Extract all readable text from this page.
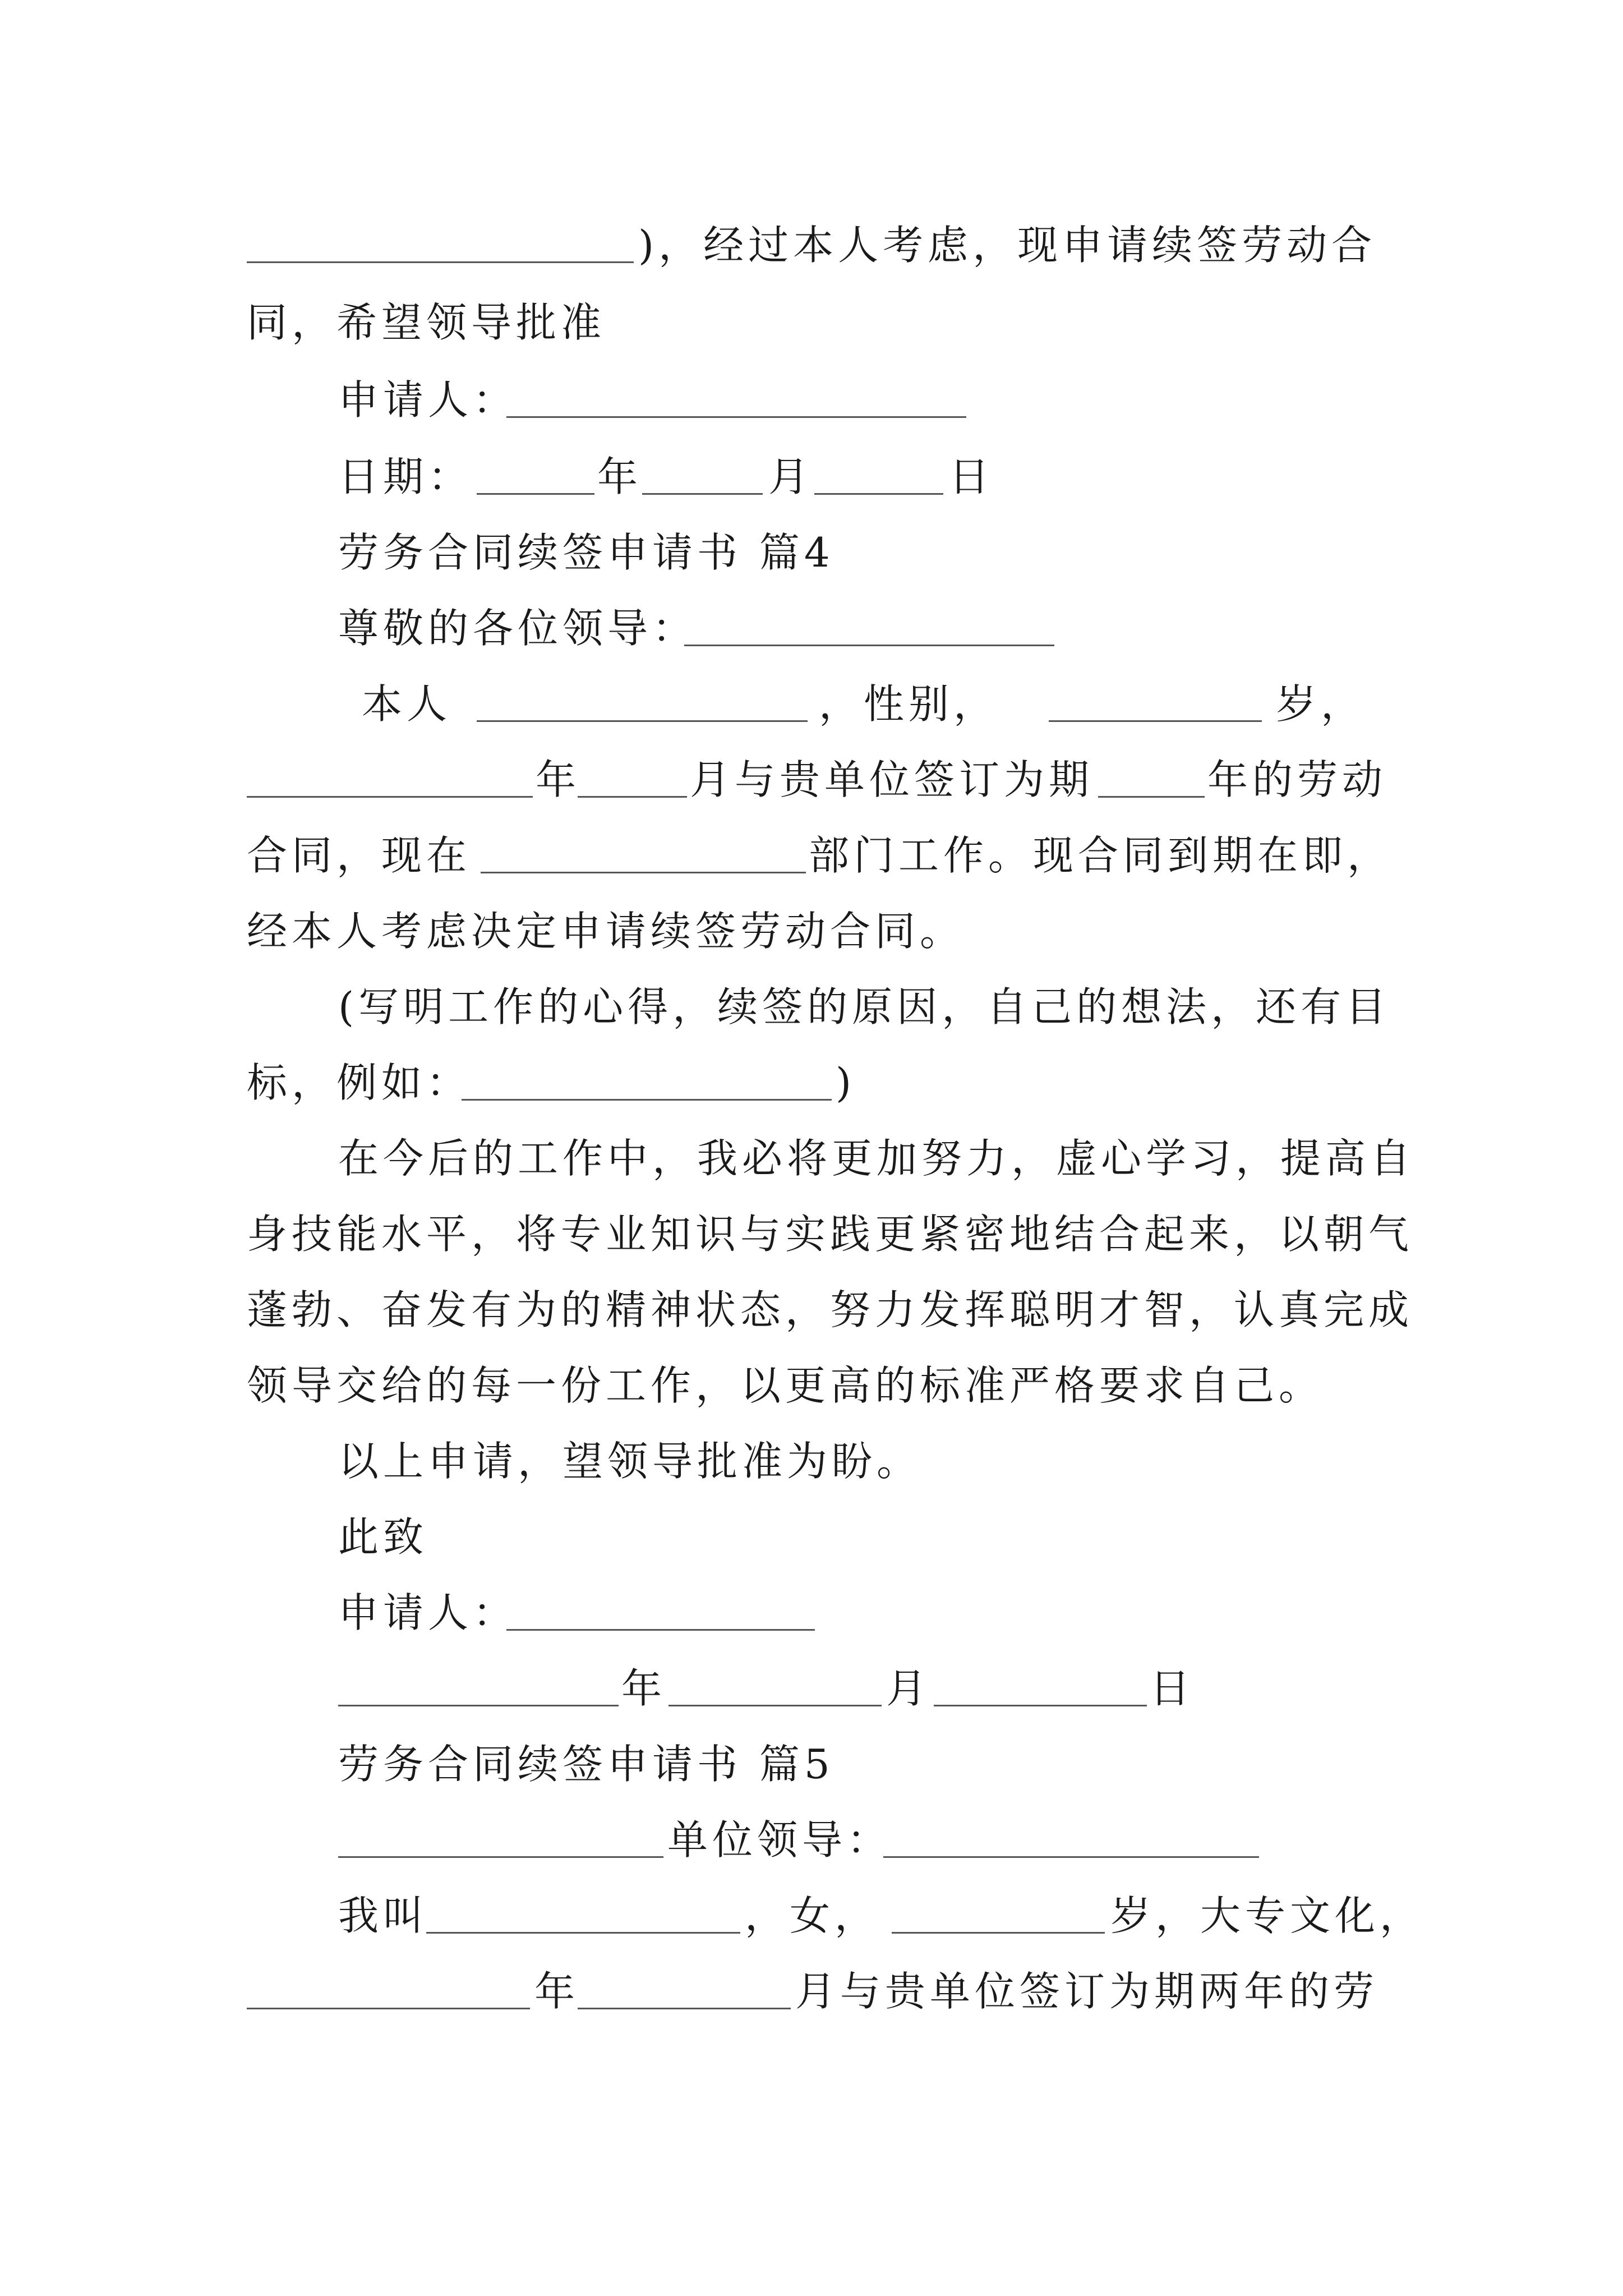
)，经过本人考虑，现申请续签劳动合
同，希望领导批准
申请人：
日期：	年	月	日
劳务合同续签申请书 篇4
尊敬的各位领导：
本人	，性别，	岁，
年	月与贵单位签订为期	年的劳动
合同，现在	部门工作。现合同到期在即，
经本人考虑决定申请续签劳动合同。
(写明工作的心得，续签的原因，自己的想法，还有目
标，例如：	)
在今后的工作中，我必将更加努力，虚心学习，提高自
身技能水平，将专业知识与实践更紧密地结合起来，以朝气
蓬勃、奋发有为的精神状态，努力发挥聪明才智，认真完成
领导交给的每一份工作，以更高的标准严格要求自己。
以上申请，望领导批准为盼。
此致
申请人：
年	月	日
劳务合同续签申请书 篇5
单位领导：
我叫	，女，	岁，大专文化，
年	月与贵单位签订为期两年的劳
